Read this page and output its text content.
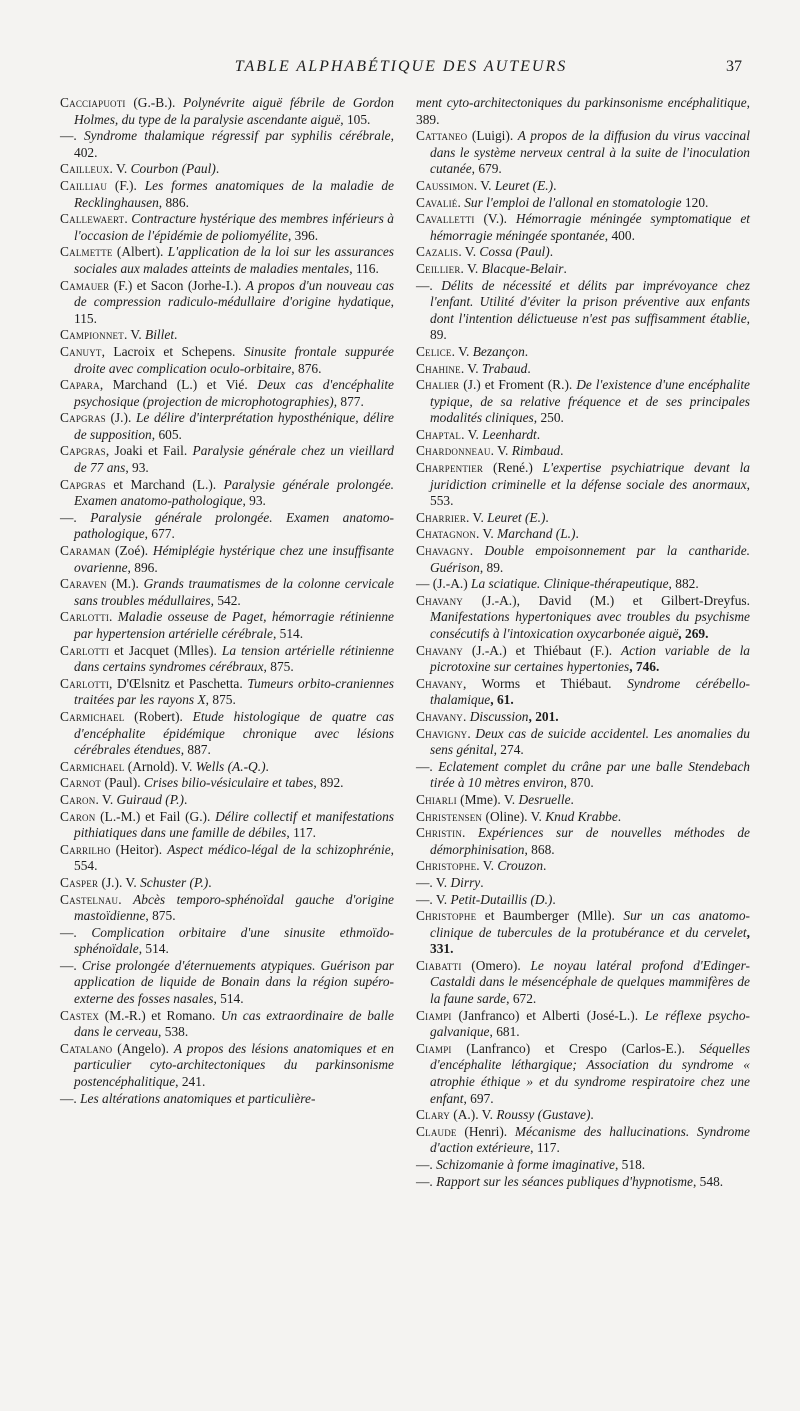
TABLE ALPHABÉTIQUE DES AUTEURS	37

Cacciapuoti (G.-B.). Polynévrite aiguë fébrile de Gordon Holmes, du type de la paralysie ascendante aiguë, 105.

—. Syndrome thalamique régressif par syphilis cérébrale, 402.

Cailleux. V. Courbon (Paul).

Cailliau (F.). Les formes anatomiques de la maladie de Recklinghausen, 886.

Callewaert. Contracture hystérique des membres inférieurs à l'occasion de l'épidémie de poliomyélite, 396.

Calmette (Albert). L'application de la loi sur les assurances sociales aux malades atteints de maladies mentales, 116.

Camauer (F.) et Sacon (Jorhe-I.). A propos d'un nouveau cas de compression radiculo-médullaire d'origine hydatique, 115.

Campionnet. V. Billet.

Canuyt, Lacroix et Schepens. Sinusite frontale suppurée droite avec complication oculo-orbitaire, 876.

Capara, Marchand (L.) et Vié. Deux cas d'encéphalite psychosique (projection de microphotographies), 877.

Capgras (J.). Le délire d'interprétation hyposthénique, délire de supposition, 605.

Capgras, Joaki et Fail. Paralysie générale chez un vieillard de 77 ans, 93.

Capgras et Marchand (L.). Paralysie générale prolongée. Examen anatomo-pathologique, 93.

—. Paralysie générale prolongée. Examen anatomo-pathologique, 677.

Caraman (Zoé). Hémiplégie hystérique chez une insuffisante ovarienne, 896.

Caraven (M.). Grands traumatismes de la colonne cervicale sans troubles médullaires, 542.

Carlotti. Maladie osseuse de Paget, hémorragie rétinienne par hypertension artérielle cérébrale, 514.

Carlotti et Jacquet (Mlles). La tension artérielle rétinienne dans certains syndromes cérébraux, 875.

Carlotti, D'Œlsnitz et Paschetta. Tumeurs orbito-craniennes traitées par les rayons X, 875.

Carmichael (Robert). Etude histologique de quatre cas d'encéphalite épidémique chronique avec lésions cérébrales étendues, 887.

Carmichael (Arnold). V. Wells (A.-Q.).

Carnot (Paul). Crises bilio-vésiculaire et tabes, 892.

Caron. V. Guiraud (P.).

Caron (L.-M.) et Fail (G.). Délire collectif et manifestations pithiatiques dans une famille de débiles, 117.

Carrilho (Heitor). Aspect médico-légal de la schizophrénie, 554.

Casper (J.). V. Schuster (P.).

Castelnau. Abcès temporo-sphénoïdal gauche d'origine mastoïdienne, 875.

—. Complication orbitaire d'une sinusite ethmoïdo-sphénoïdale, 514.

—. Crise prolongée d'éternuements atypiques. Guérison par application de liquide de Bonain dans la région supéro-externe des fosses nasales, 514.

Castex (M.-R.) et Romano. Un cas extraordinaire de balle dans le cerveau, 538.

Catalano (Angelo). A propos des lésions anatomiques et en particulier cyto-architectoniques du parkinsonisme postencéphalitique, 241.

—. Les altérations anatomiques et particulière-

ment cyto-architectoniques du parkinsonisme encéphalitique, 389.

Cattaneo (Luigi). A propos de la diffusion du virus vaccinal dans le système nerveux central à la suite de l'inoculation cutanée, 679.

Caussimon. V. Leuret (E.).

Cavalié. Sur l'emploi de l'allonal en stomatologie 120.

Cavalletti (V.). Hémorragie méningée symptomatique et hémorragie méningée spontanée, 400.

Cazalis. V. Cossa (Paul).

Ceillier. V. Blacque-Belair.

—. Délits de nécessité et délits par imprévoyance chez l'enfant. Utilité d'éviter la prison préventive aux enfants dont l'intention délictueuse n'est pas suffisamment établie, 89.

Celice. V. Bezançon.

Chahine. V. Trabaud.

Chalier (J.) et Froment (R.). De l'existence d'une encéphalite typique, de sa relative fréquence et de ses principales modalités cliniques, 250.

Chaptal. V. Leenhardt.

Chardonneau. V. Rimbaud.

Charpentier (René.) L'expertise psychiatrique devant la juridiction criminelle et la défense sociale des anormaux, 553.

Charrier. V. Leuret (E.).

Chatagnon. V. Marchand (L.).

Chavagny. Double empoisonnement par la cantharide. Guérison, 89.

— (J.-A.) La sciatique. Clinique-thérapeutique, 882.

Chavany (J.-A.), David (M.) et Gilbert-Dreyfus. Manifestations hypertoniques avec troubles du psychisme consécutifs à l'intoxication oxycarbonée aiguë, 269.

Chavany (J.-A.) et Thiébaut (F.). Action variable de la picrotoxine sur certaines hypertonies, 746.

Chavany, Worms et Thiébaut. Syndrome cérébello-thalamique, 61.

Chavany. Discussion, 201.

Chavigny. Deux cas de suicide accidentel. Les anomalies du sens génital, 274.

—. Eclatement complet du crâne par une balle Stendebach tirée à 10 mètres environ, 870.

Chiarli (Mme). V. Desruelle.

Christensen (Oline). V. Knud Krabbe.

Christin. Expériences sur de nouvelles méthodes de démorphinisation, 868.

Christophe. V. Crouzon.

—. V. Dirry.

—. V. Petit-Dutaillis (D.).

Christophe et Baumberger (Mlle). Sur un cas anatomo-clinique de tubercules de la protubérance et du cervelet, 331.

Ciabatti (Omero). Le noyau latéral profond d'Edinger-Castaldi dans le mésencéphale de quelques mammifères de la faune sarde, 672.

Ciampi (Janfranco) et Alberti (José-L.). Le réflexe psycho-galvanique, 681.

Ciampi (Lanfranco) et Crespo (Carlos-E.). Séquelles d'encéphalite léthargique; Association du syndrome « atrophie éthique » et du syndrome respiratoire chez une enfant, 697.

Clary (A.). V. Roussy (Gustave).

Claude (Henri). Mécanisme des hallucinations. Syndrome d'action extérieure, 117.

—. Schizomanie à forme imaginative, 518.

—. Rapport sur les séances publiques d'hypnotisme, 548.
